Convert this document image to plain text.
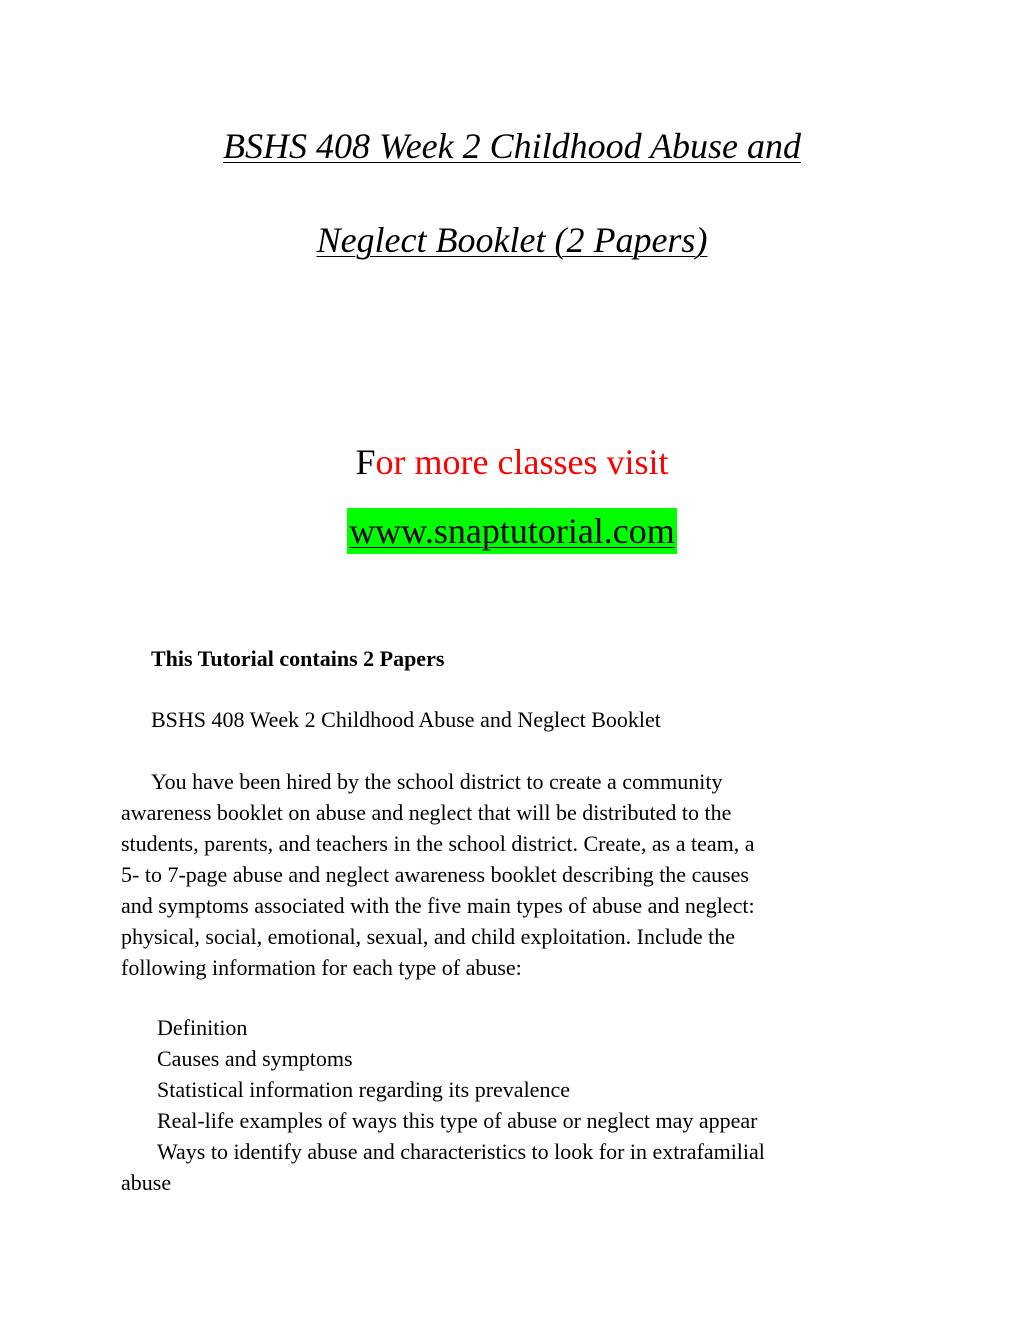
BSHS 408 Week 2 Childhood Abuse and

Neglect Booklet (2 Papers)

For more classes visit
www.snaptutorial.com
This Tutorial contains 2 Papers
BSHS 408 Week 2 Childhood Abuse and Neglect Booklet
You have been hired by the school district to create a community
awareness booklet on abuse and neglect that will be distributed to the
students, parents, and teachers in the school district. Create, as a team, a
5- to 7-page abuse and neglect awareness booklet describing the causes
and symptoms associated with the five main types of abuse and neglect:
physical, social, emotional, sexual, and child exploitation. Include the
following information for each type of abuse:
Definition
Causes and symptoms
Statistical information regarding its prevalence
Real-life examples of ways this type of abuse or neglect may appear
Ways to identify abuse and characteristics to look for in extrafamilial
abuse
